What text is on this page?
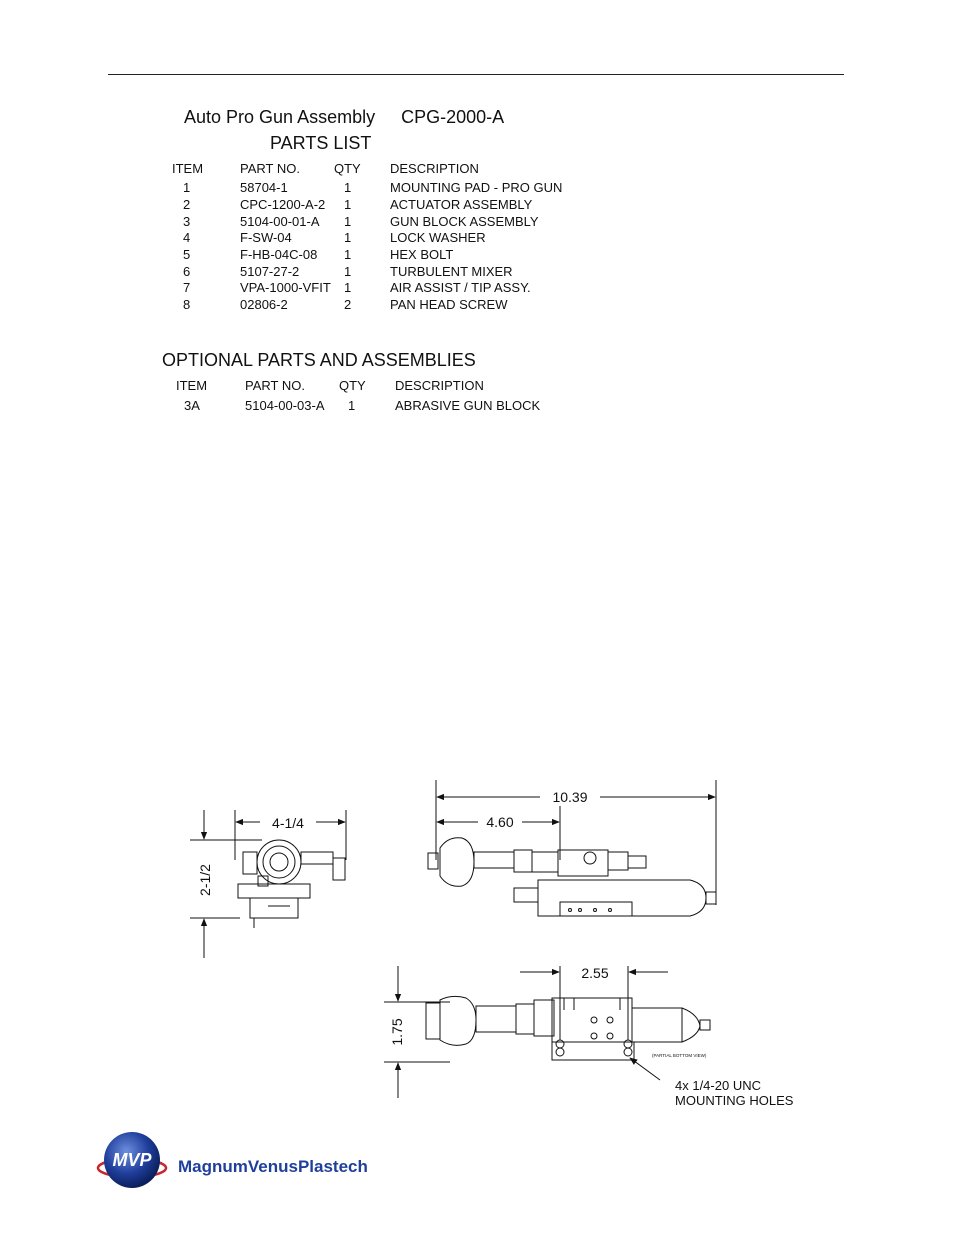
Auto Pro Gun Assembly CPG-2000-A
PARTS LIST
ITEM	PART NO.	QTY DESCRIPTION
1	58704-1	1	MOUNTING PAD - PRO GUN
2	CPC-1200-A-2 1	ACTUATOR ASSEMBLY
3	5104-00-01-A 1	GUN BLOCK ASSEMBLY
4	F-SW-04	1	LOCK WASHER
5	F-HB-04C-08 1	HEX BOLT
6	5107-27-2	1	TURBULENT MIXER
7	VPA-1000-VFIT 1	AIR ASSIST / TIP ASSY.
8	02806-2	2	PAN HEAD SCREW
OPTIONAL PARTS AND ASSEMBLIES
ITEM	PART NO.	QTY DESCRIPTION
3A	5104-00-03-A 1	ABRASIVE GUN BLOCK
4-1/4
2-1/2
10.39
4.60
2.55
1.75
(PARTIAL BOTTOM VIEW)
4x 1/4-20 UNC
MOUNTING HOLES
MVP MagnumVenusPlastech
